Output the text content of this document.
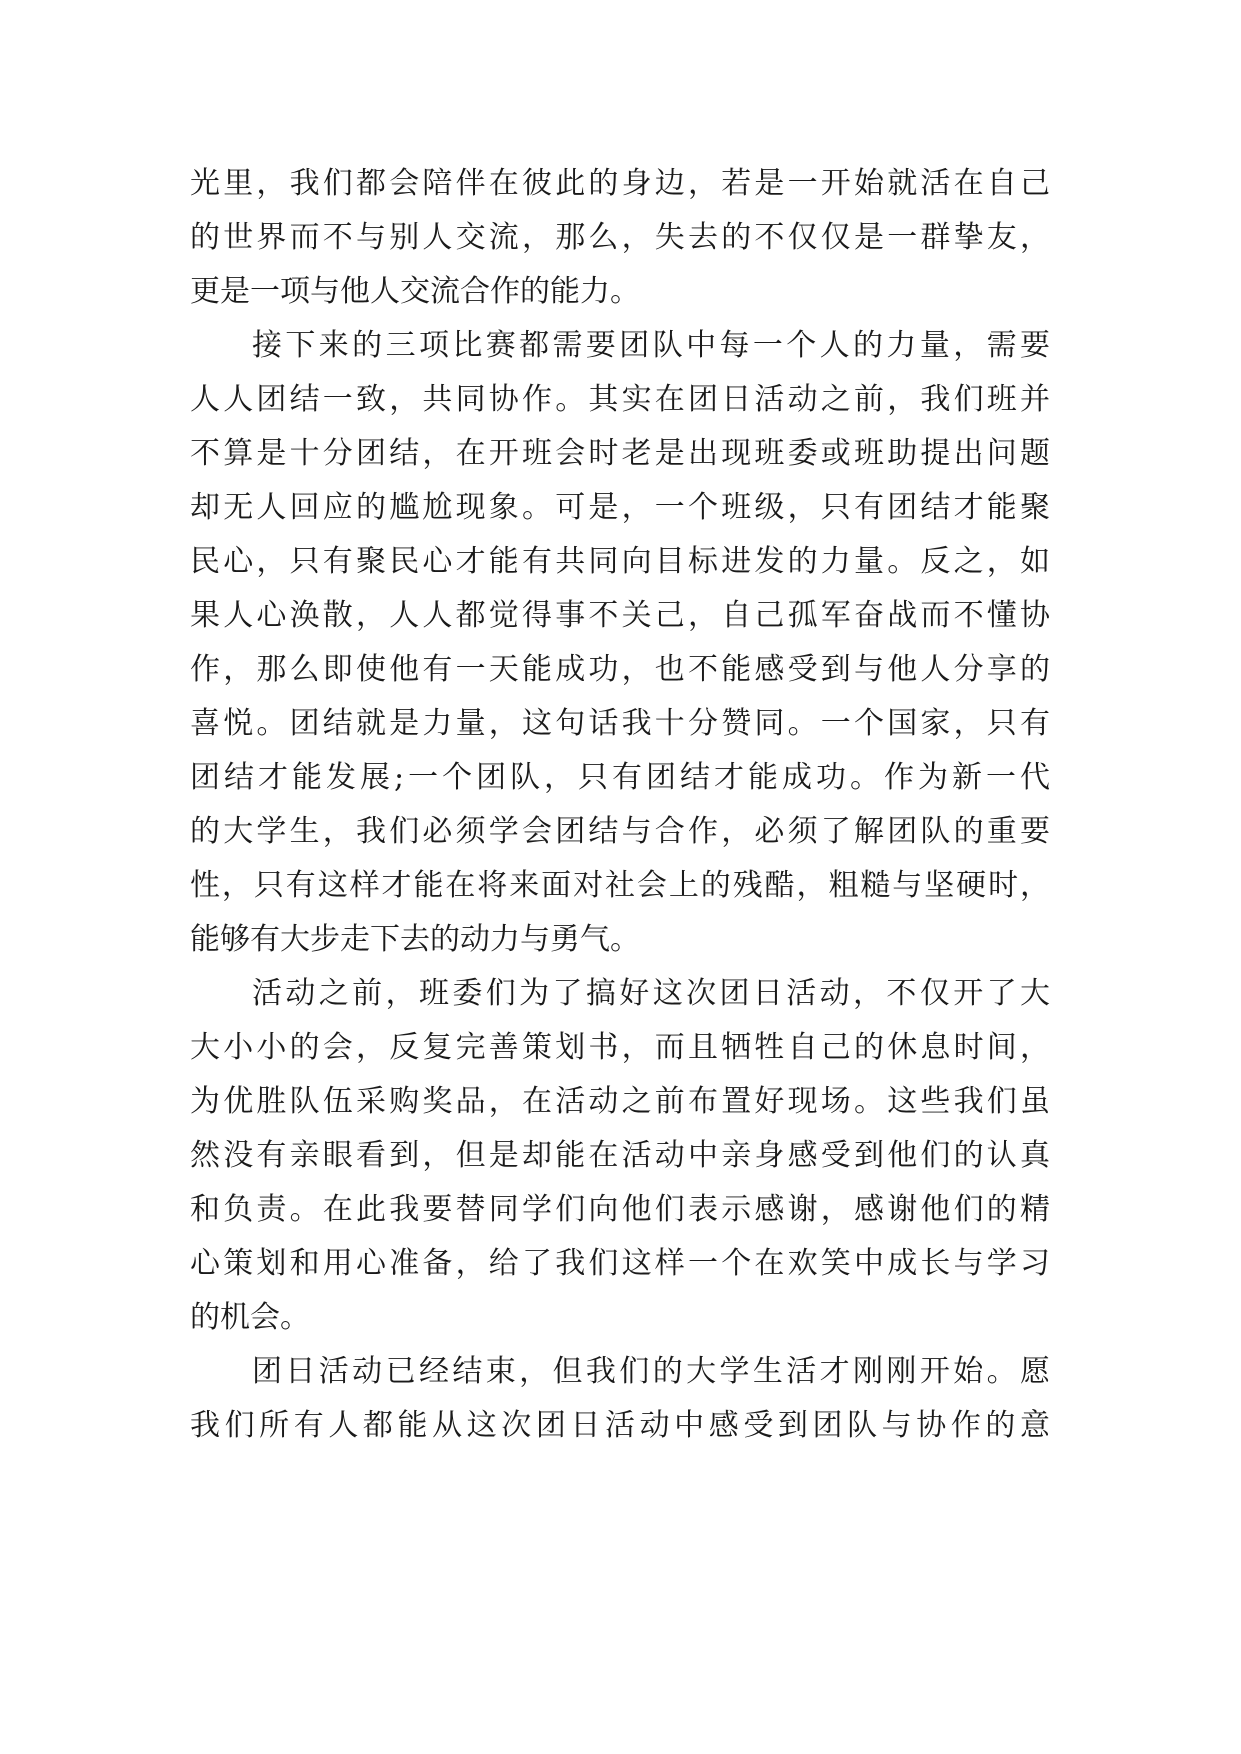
光里，我们都会陪伴在彼此的身边，若是一开始就活在自己
的世界而不与别人交流，那么，失去的不仅仅是一群挚友，
更是一项与他人交流合作的能力。
接下来的三项比赛都需要团队中每一个人的力量，需要
人人团结一致，共同协作。其实在团日活动之前，我们班并
不算是十分团结，在开班会时老是出现班委或班助提出问题
却无人回应的尴尬现象。可是，一个班级，只有团结才能聚
民心，只有聚民心才能有共同向目标进发的力量。反之，如
果人心涣散，人人都觉得事不关己，自己孤军奋战而不懂协
作，那么即使他有一天能成功，也不能感受到与他人分享的
喜悦。团结就是力量，这句话我十分赞同。一个国家，只有
团结才能发展;一个团队，只有团结才能成功。作为新一代
的大学生，我们必须学会团结与合作，必须了解团队的重要
性，只有这样才能在将来面对社会上的残酷，粗糙与坚硬时，
能够有大步走下去的动力与勇气。
活动之前，班委们为了搞好这次团日活动，不仅开了大
大小小的会，反复完善策划书，而且牺牲自己的休息时间，
为优胜队伍采购奖品，在活动之前布置好现场。这些我们虽
然没有亲眼看到，但是却能在活动中亲身感受到他们的认真
和负责。在此我要替同学们向他们表示感谢，感谢他们的精
心策划和用心准备，给了我们这样一个在欢笑中成长与学习
的机会。
团日活动已经结束，但我们的大学生活才刚刚开始。愿
我们所有人都能从这次团日活动中感受到团队与协作的意
